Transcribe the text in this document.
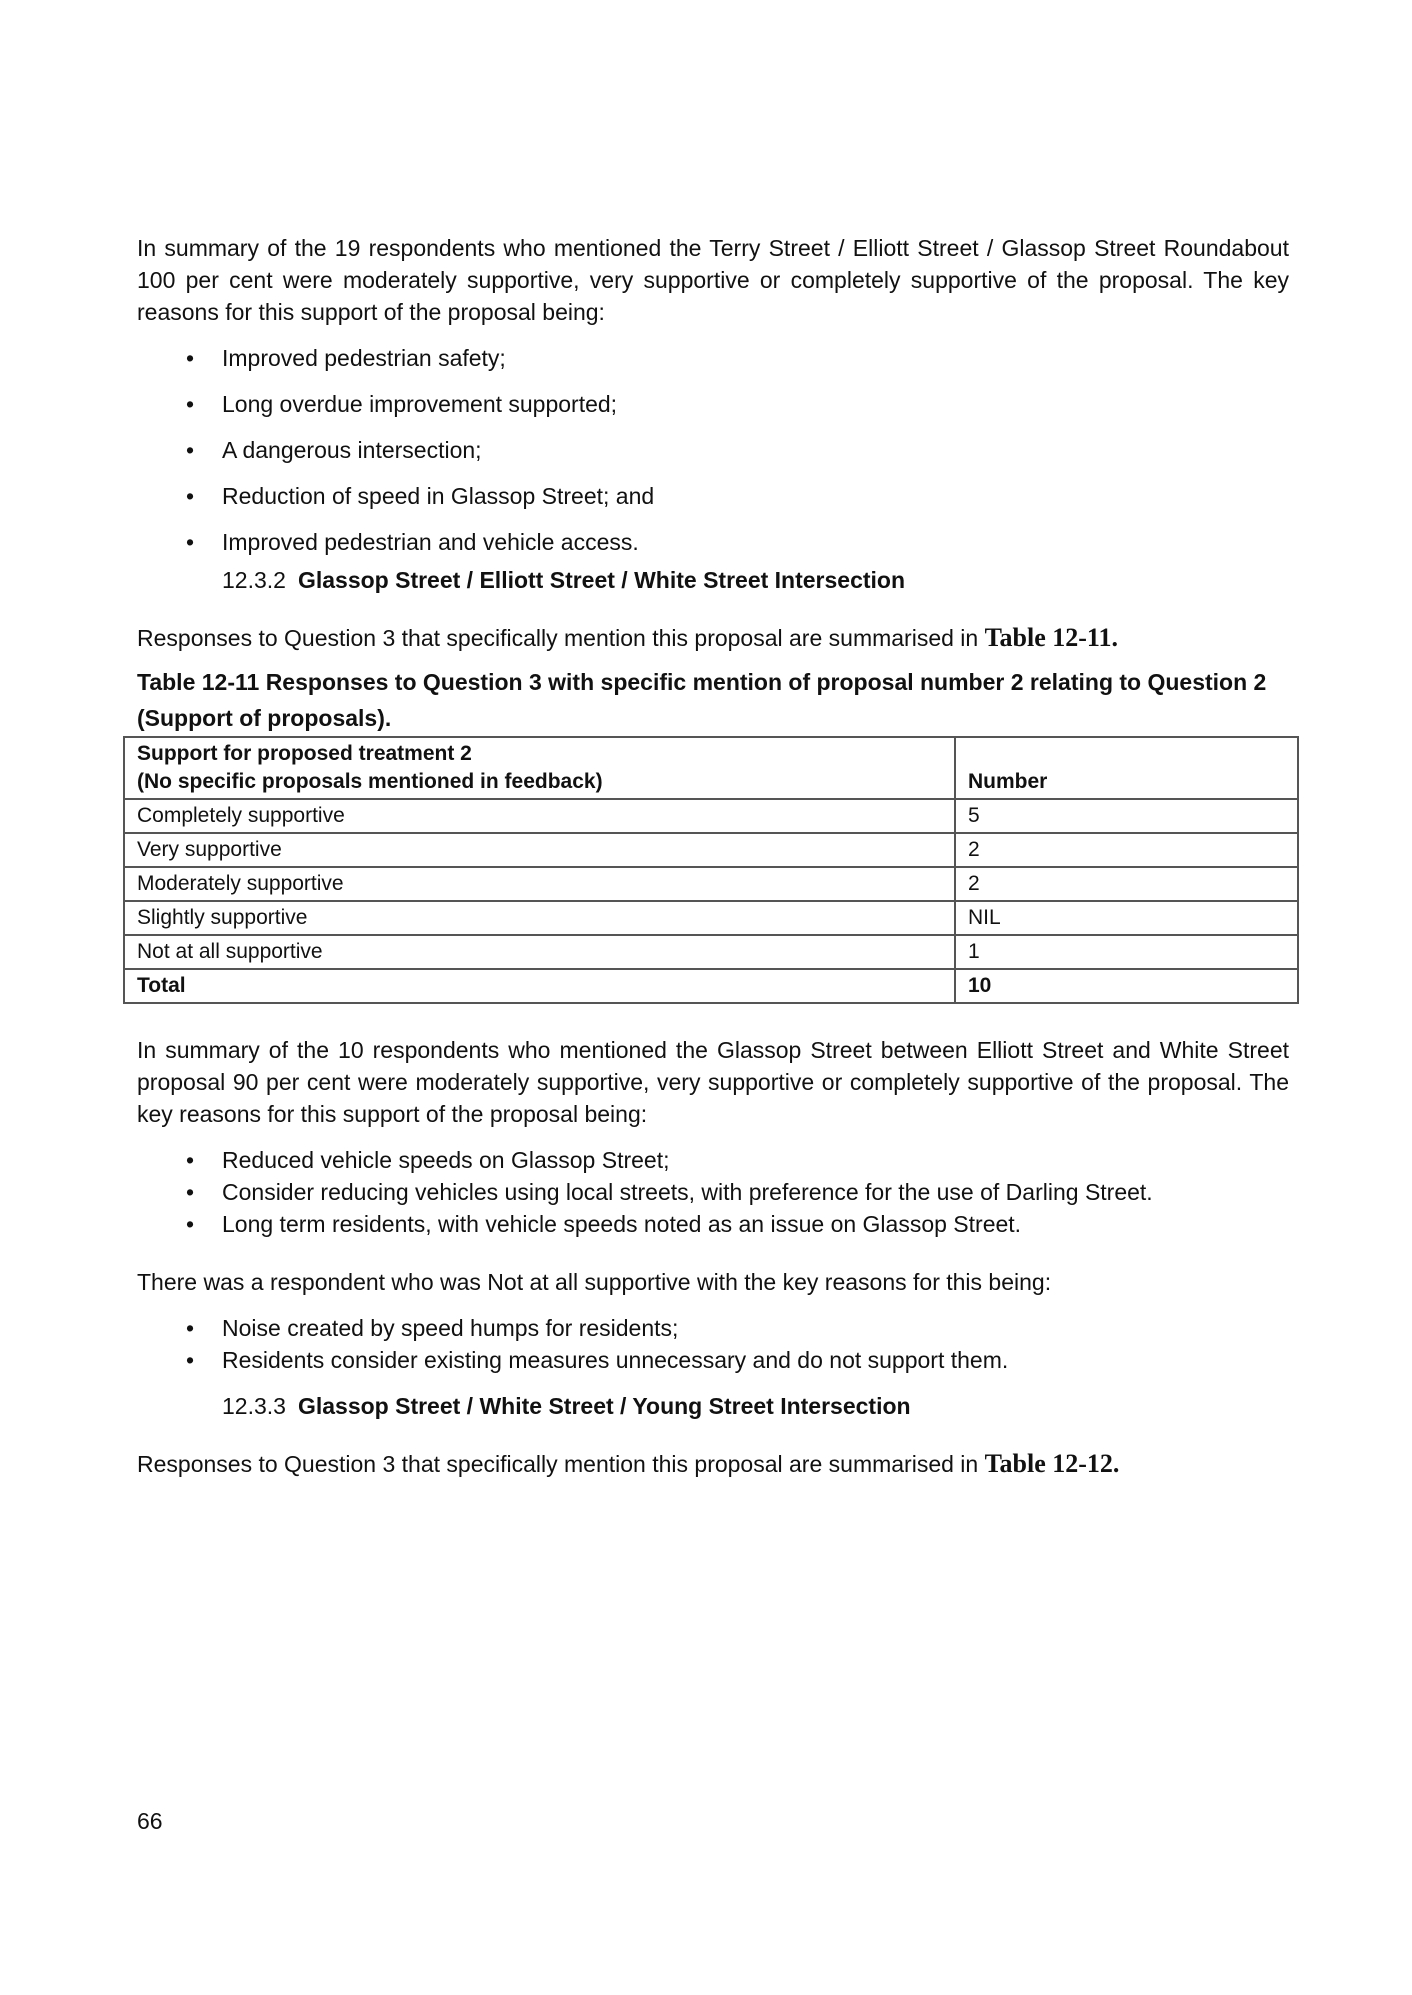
In summary of the 19 respondents who mentioned the Terry Street / Elliott Street / Glassop Street Roundabout 100 per cent were moderately supportive, very supportive or completely supportive of the proposal. The key reasons for this support of the proposal being:

• Improved pedestrian safety;
• Long overdue improvement supported;
• A dangerous intersection;
• Reduction of speed in Glassop Street; and
• Improved pedestrian and vehicle access.

12.3.2 Glassop Street / Elliott Street / White Street Intersection

Responses to Question 3 that specifically mention this proposal are summarised in Table 12-11.

Table 12-11 Responses to Question 3 with specific mention of proposal number 2 relating to Question 2 (Support of proposals).

Support for proposed treatment 2
(No specific proposals mentioned in feedback)	Number
Completely supportive	5
Very supportive	2
Moderately supportive	2
Slightly supportive	NIL
Not at all supportive	1
Total	10

In summary of the 10 respondents who mentioned the Glassop Street between Elliott Street and White Street proposal 90 per cent were moderately supportive, very supportive or completely supportive of the proposal. The key reasons for this support of the proposal being:

• Reduced vehicle speeds on Glassop Street;
• Consider reducing vehicles using local streets, with preference for the use of Darling Street.
• Long term residents, with vehicle speeds noted as an issue on Glassop Street.

There was a respondent who was Not at all supportive with the key reasons for this being:

• Noise created by speed humps for residents;
• Residents consider existing measures unnecessary and do not support them.

12.3.3 Glassop Street / White Street / Young Street Intersection

Responses to Question 3 that specifically mention this proposal are summarised in Table 12-12.

66
